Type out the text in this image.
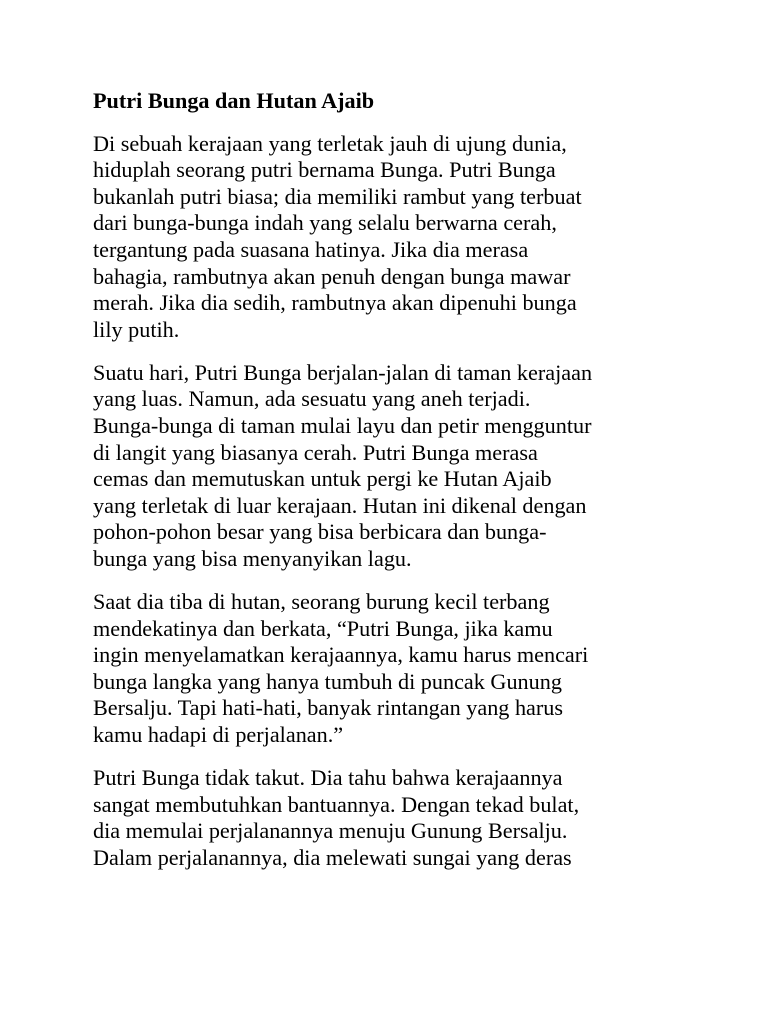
Putri Bunga dan Hutan Ajaib
Di sebuah kerajaan yang terletak jauh di ujung dunia,
hiduplah seorang putri bernama Bunga. Putri Bunga
bukanlah putri biasa; dia memiliki rambut yang terbuat
dari bunga-bunga indah yang selalu berwarna cerah,
tergantung pada suasana hatinya. Jika dia merasa
bahagia, rambutnya akan penuh dengan bunga mawar
merah. Jika dia sedih, rambutnya akan dipenuhi bunga
lily putih.
Suatu hari, Putri Bunga berjalan-jalan di taman kerajaan
yang luas. Namun, ada sesuatu yang aneh terjadi.
Bunga-bunga di taman mulai layu dan petir mengguntur
di langit yang biasanya cerah. Putri Bunga merasa
cemas dan memutuskan untuk pergi ke Hutan Ajaib
yang terletak di luar kerajaan. Hutan ini dikenal dengan
pohon-pohon besar yang bisa berbicara dan bunga-
bunga yang bisa menyanyikan lagu.
Saat dia tiba di hutan, seorang burung kecil terbang
mendekatinya dan berkata, “Putri Bunga, jika kamu
ingin menyelamatkan kerajaannya, kamu harus mencari
bunga langka yang hanya tumbuh di puncak Gunung
Bersalju. Tapi hati-hati, banyak rintangan yang harus
kamu hadapi di perjalanan.”
Putri Bunga tidak takut. Dia tahu bahwa kerajaannya
sangat membutuhkan bantuannya. Dengan tekad bulat,
dia memulai perjalanannya menuju Gunung Bersalju.
Dalam perjalanannya, dia melewati sungai yang deras
